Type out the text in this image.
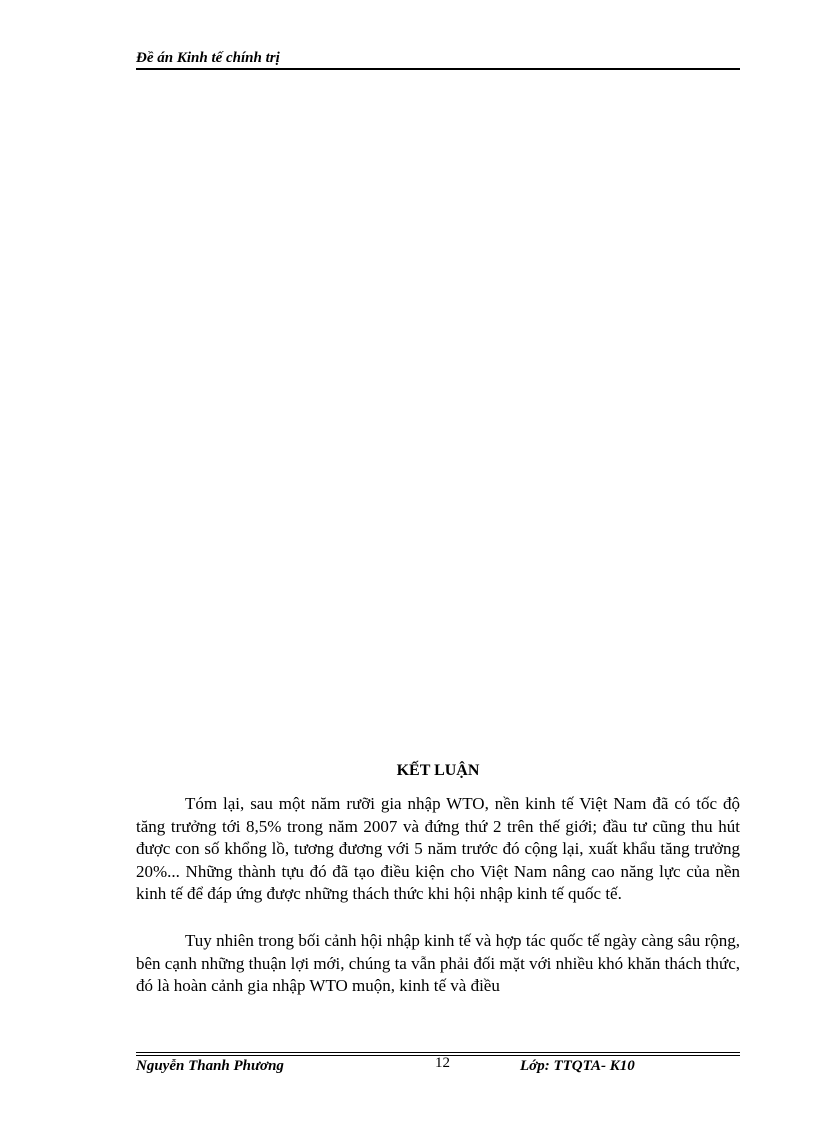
Đề án Kinh tế chính trị
KẾT LUẬN

Tóm lại, sau một năm rưỡi gia nhập WTO, nền kinh tế Việt Nam đã có tốc độ tăng trưởng tới 8,5% trong năm 2007 và đứng thứ 2 trên thế giới; đầu tư cũng thu hút được con số khổng lồ, tương đương với 5 năm trước đó cộng lại, xuất khẩu tăng trưởng 20%... Những thành tựu đó đã tạo điều kiện cho Việt Nam nâng cao năng lực của nền kinh tế để đáp ứng được những thách thức khi hội nhập kinh tế quốc tế.

Tuy nhiên trong bối cảnh hội nhập kinh tế và hợp tác quốc tế ngày càng sâu rộng, bên cạnh những thuận lợi mới, chúng ta vẫn phải đối mặt với nhiều khó khăn thách thức, đó là hoàn cảnh gia nhập WTO muộn, kinh tế và điều

Nguyễn Thanh Phương	12	Lớp: TTQTA- K10
